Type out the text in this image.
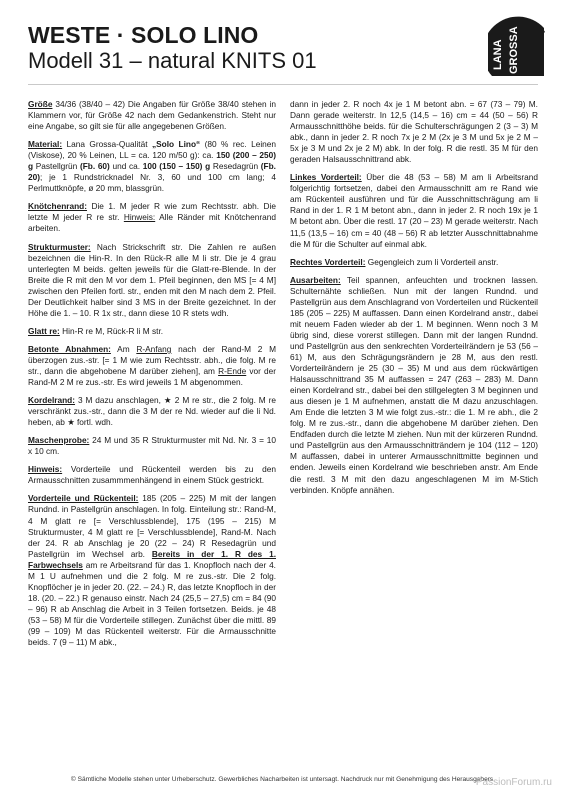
WESTE · SOLO LINO
Modell 31 – natural KNITS 01	LANA GROSSA

Größe 34/36 (38/40 – 42) Die Angaben für Größe 38/40 stehen in Klammern vor, für Größe 42 nach dem Gedankenstrich. Steht nur eine Angabe, so gilt sie für alle angegebenen Größen.

Material: Lana Grossa-Qualität „Solo Lino“ (80 % rec. Leinen (Viskose), 20 % Leinen, LL = ca. 120 m/50 g): ca. 150 (200 – 250) g Pastellgrün (Fb. 60) und ca. 100 (150 – 150) g Resedagrün (Fb. 20); je 1 Rundstricknadel Nr. 3, 60 und 100 cm lang; 4 Perlmuttknöpfe, ø 20 mm, blassgrün.

Knötchenrand: Die 1. M jeder R wie zum Rechtsstr. abh. Die letzte M jeder R re str. Hinweis: Alle Ränder mit Knötchenrand arbeiten.

Strukturmuster: Nach Strickschrift str. Die Zahlen re außen bezeichnen die Hin-R. In den Rück-R alle M li str. Die je 4 grau unterlegten M beids. gelten jeweils für die Glatt-re-Blende. In der Breite die R mit den M vor dem 1. Pfeil beginnen, den MS [= 4 M] zwischen den Pfeilen fortl. str., enden mit den M nach dem 2. Pfeil. Der Deutlichkeit halber sind 3 MS in der Breite gezeichnet. In der Höhe die 1. – 10. R 1x str., dann diese 10 R stets wdh.

Glatt re: Hin-R re M, Rück-R li M str.

Betonte Abnahmen: Am R-Anfang nach der Rand-M 2 M überzogen zus.-str. [= 1 M wie zum Rechtsstr. abh., die folg. M re str., dann die abgehobene M darüber ziehen], am R-Ende vor der Rand-M 2 M re zus.-str. Es wird jeweils 1 M abgenommen.

Kordelrand: 3 M dazu anschlagen, ★ 2 M re str., die 2 folg. M re verschränkt zus.-str., dann die 3 M der re Nd. wieder auf die li Nd. heben, ab ★ fortl. wdh.

Maschenprobe: 24 M und 35 R Strukturmuster mit Nd. Nr. 3 = 10 x 10 cm.

Hinweis: Vorderteile und Rückenteil werden bis zu den Armausschnitten zusammmenhängend in einem Stück gestrickt.

Vorderteile und Rückenteil: 185 (205 – 225) M mit der langen Rundnd. in Pastellgrün anschlagen. In folg. Einteilung str.: Rand-M, 4 M glatt re [= Verschlussblende], 175 (195 – 215) M Strukturmuster, 4 M glatt re [= Verschlussblende], Rand-M. Nach der 24. R ab Anschlag je 20 (22 – 24) R Resedagrün und Pastellgrün im Wechsel arb. Bereits in der 1. R des 1. Farbwechsels am re Arbeitsrand für das 1. Knopfloch nach der 4. M 1 U aufnehmen und die 2 folg. M re zus.-str. Die 2 folg. Knopflöcher je in jeder 20. (22. – 24.) R, das letzte Knopfloch in der 18. (20. – 22.) R genauso einstr. Nach 24 (25,5 – 27,5) cm = 84 (90 – 96) R ab Anschlag die Arbeit in 3 Teilen fortsetzen. Beids. je 48 (53 – 58) M für die Vorderteile stillegen. Zunächst über die mittl. 89 (99 – 109) M das Rückenteil weiterstr. Für die Armausschnitte beids. 7 (9 – 11) M abk.,

dann in jeder 2. R noch 4x je 1 M betont abn. = 67 (73 – 79) M. Dann gerade weiterstr. In 12,5 (14,5 – 16) cm = 44 (50 – 56) R Armausschnitthöhe beids. für die Schulterschrägungen 2 (3 – 3) M abk., dann in jeder 2. R noch 7x je 2 M (2x je 3 M und 5x je 2 M – 5x je 3 M und 2x je 2 M) abk. In der folg. R die restl. 35 M für den geraden Halsausschnittrand abk.

Linkes Vorderteil: Über die 48 (53 – 58) M am li Arbeitsrand folgerichtig fortsetzen, dabei den Armausschnitt am re Rand wie am Rückenteil ausführen und für die Ausschnittschrägung am li Rand in der 1. R 1 M betont abn., dann in jeder 2. R noch 19x je 1 M betont abn. Über die restl. 17 (20 – 23) M gerade weiterstr. Nach 11,5 (13,5 – 16) cm = 40 (48 – 56) R ab letzter Ausschnittabnahme die M für die Schulter auf einmal abk.

Rechtes Vorderteil: Gegengleich zum li Vorderteil anstr.

Ausarbeiten: Teil spannen, anfeuchten und trocknen lassen. Schulternähte schließen. Nun mit der langen Rundnd. und Pastellgrün aus dem Anschlagrand von Vorderteilen und Rückenteil 185 (205 – 225) M auffassen. Dann einen Kordelrand anstr., dabei mit neuem Faden wieder ab der 1. M beginnen. Wenn noch 3 M übrig sind, diese vorerst stillegen. Dann mit der langen Rundnd. und Pastellgrün aus den senkrechten Vorderteilrändern je 53 (56 – 61) M, aus den Schrägungsrändern je 28 M, aus den restl. Vorderteilrändern je 25 (30 – 35) M und aus dem rückwärtigen Halsausschnittrand 35 M auffassen = 247 (263 – 283) M. Dann einen Kordelrand str., dabei bei den stillgelegten 3 M beginnen und aus diesen je 1 M aufnehmen, anstatt die M dazu anzuschlagen. Am Ende die letzten 3 M wie folgt zus.-str.: die 1. M re abh., die 2 folg. M re zus.-str., dann die abgehobene M darüber ziehen. Den Endfaden durch die letzte M ziehen. Nun mit der kürzeren Rundnd. und Pastellgrün aus den Armausschnitträndern je 104 (112 – 120) M auffassen, dabei in unterer Armausschnittmitte beginnen und enden. Jeweils einen Kordelrand wie beschrieben anstr. Am Ende die restl. 3 M mit den dazu angeschlagenen M im M-Stich verbinden. Knöpfe annähen.

© Sämtliche Modelle stehen unter Urheberschutz. Gewerbliches Nacharbeiten ist untersagt. Nachdruck nur mit Genehmigung des Herausgebers.
PassionForum.ru
